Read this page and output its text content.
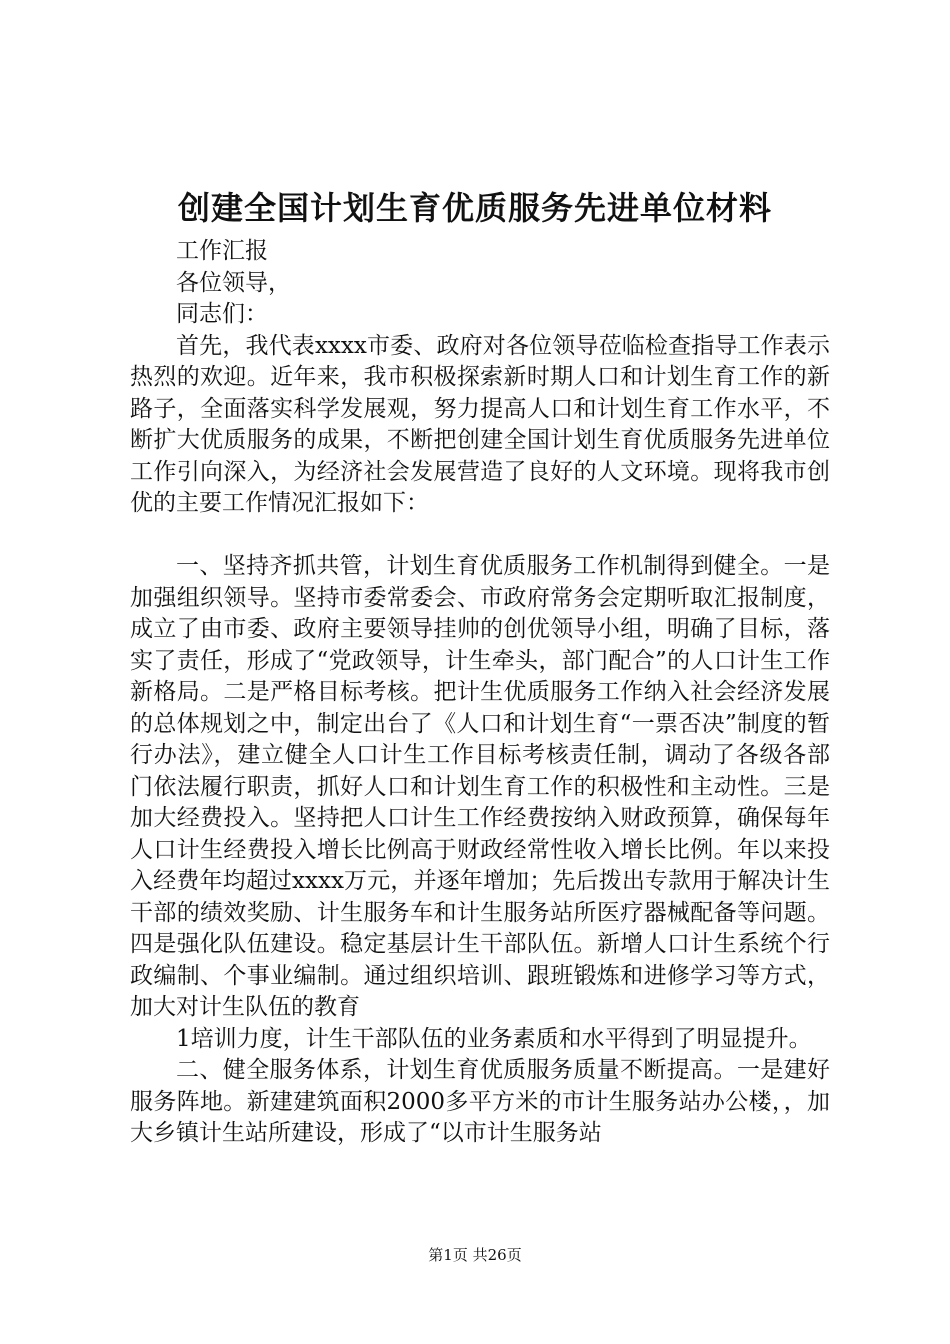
创建全国计划生育优质服务先进单位材料

工作汇报

各位领导，

同志们：

首先，我代表xxxx市委、政府对各位领导莅临检查指导工作表示热烈的欢迎。近年来，我市积极探索新时期人口和计划生育工作的新路子，全面落实科学发展观，努力提高人口和计划生育工作水平，不断扩大优质服务的成果，不断把创建全国计划生育优质服务先进单位工作引向深入，为经济社会发展营造了良好的人文环境。现将我市创优的主要工作情况汇报如下：

一、坚持齐抓共管，计划生育优质服务工作机制得到健全。一是加强组织领导。坚持市委常委会、市政府常务会定期听取汇报制度，成立了由市委、政府主要领导挂帅的创优领导小组，明确了目标，落实了责任，形成了“党政领导，计生牵头，部门配合”的人口计生工作新格局。二是严格目标考核。把计生优质服务工作纳入社会经济发展的总体规划之中，制定出台了《人口和计划生育“一票否决”制度的暂行办法》，建立健全人口计生工作目标考核责任制，调动了各级各部门依法履行职责，抓好人口和计划生育工作的积极性和主动性。三是加大经费投入。坚持把人口计生工作经费按纳入财政预算，确保每年人口计生经费投入增长比例高于财政经常性收入增长比例。年以来投入经费年均超过xxxx万元，并逐年增加；先后拨出专款用于解决计生干部的绩效奖励、计生服务车和计生服务站所医疗器械配备等问题。四是强化队伍建设。稳定基层计生干部队伍。新增人口计生系统个行政编制、个事业编制。通过组织培训、跟班锻炼和进修学习等方式，加大对计生队伍的教育

1培训力度，计生干部队伍的业务素质和水平得到了明显提升。

二、健全服务体系，计划生育优质服务质量不断提高。一是建好服务阵地。新建建筑面积2000多平方米的市计生服务站办公楼，，加大乡镇计生站所建设，形成了“以市计生服务站

第1页 共26页
